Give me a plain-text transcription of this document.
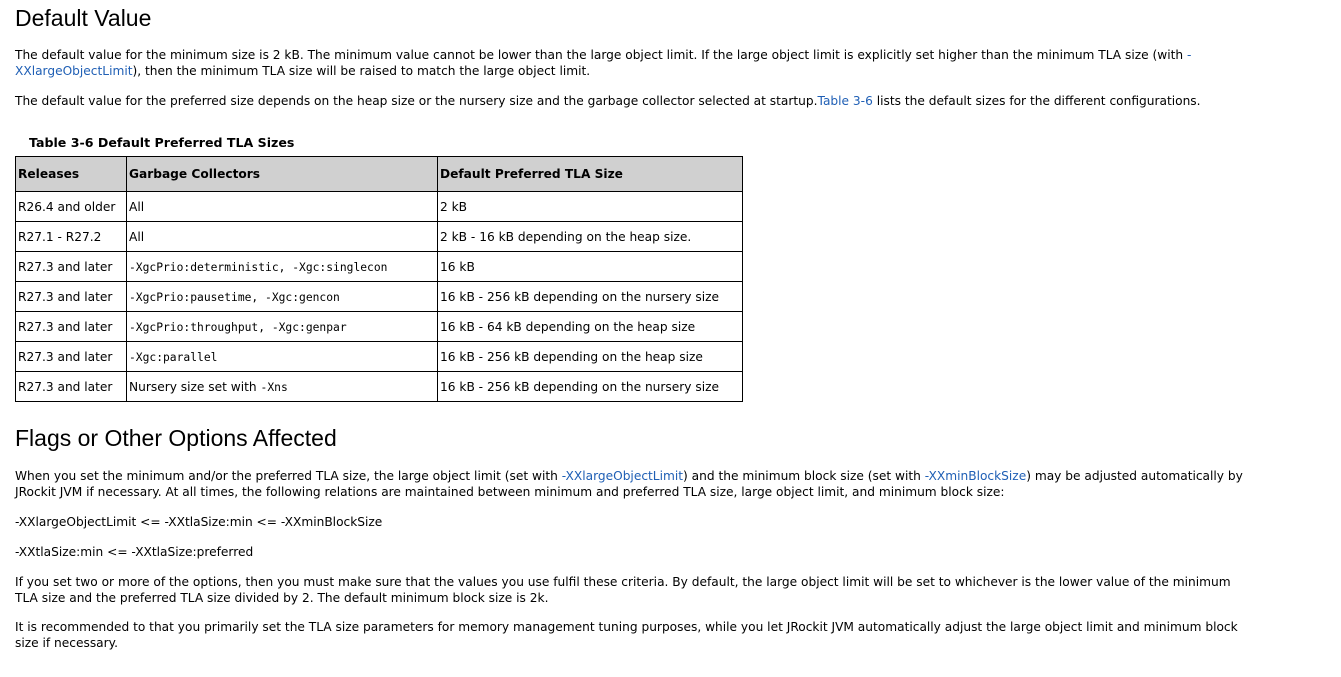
Default Value

The default value for the minimum size is 2 kB. The minimum value cannot be lower than the large object limit. If the large object limit is explicitly set higher than the minimum TLA size (with -

XXlargeObjectLimit), then the minimum TLA size will be raised to match the large object limit.

The default value for the preferred size depends on the heap size or the nursery size and the garbage collector selected at startup.Table 3-6 lists the default sizes for the different configurations.

Table 3-6 Default Preferred TLA Sizes

Releases	Garbage Collectors	Default Preferred TLA Size
R26.4 and older	All	2 kB
R27.1 - R27.2	All	2 kB - 16 kB depending on the heap size.
R27.3 and later	-XgcPrio:deterministic, -Xgc:singlecon	16 kB
R27.3 and later	-XgcPrio:pausetime, -Xgc:gencon	16 kB - 256 kB depending on the nursery size
R27.3 and later	-XgcPrio:throughput, -Xgc:genpar	16 kB - 64 kB depending on the heap size
R27.3 and later	-Xgc:parallel	16 kB - 256 kB depending on the heap size
R27.3 and later	Nursery size set with -Xns	16 kB - 256 kB depending on the nursery size
Flags or Other Options Affected

When you set the minimum and/or the preferred TLA size, the large object limit (set with -XXlargeObjectLimit) and the minimum block size (set with -XXminBlockSize) may be adjusted automatically by

JRockit JVM if necessary. At all times, the following relations are maintained between minimum and preferred TLA size, large object limit, and minimum block size:

-XXlargeObjectLimit <= -XXtlaSize:min <= -XXminBlockSize

-XXtlaSize:min <= -XXtlaSize:preferred

If you set two or more of the options, then you must make sure that the values you use fulfil these criteria. By default, the large object limit will be set to whichever is the lower value of the minimum

TLA size and the preferred TLA size divided by 2. The default minimum block size is 2k.

It is recommended to that you primarily set the TLA size parameters for memory management tuning purposes, while you let JRockit JVM automatically adjust the large object limit and minimum block

size if necessary.
